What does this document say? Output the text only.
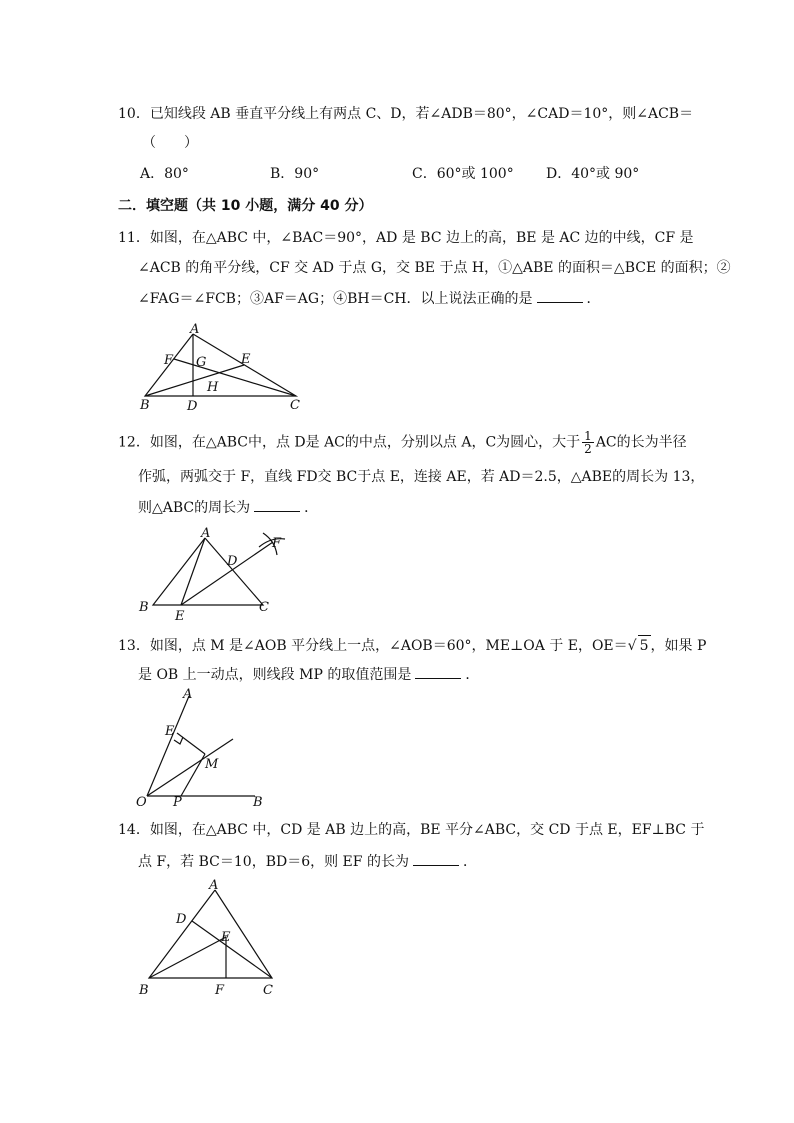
10．已知线段 AB 垂直平分线上有两点 C、D，若∠ADB＝80°，∠CAD＝10°，则∠ACB＝
（　　）
A．80°	B．90°	C．60°或 100° D．40°或 90°
二．填空题（共 10 小题，满分 40 分）
11．如图，在△ABC 中，∠BAC＝90°，AD 是 BC 边上的高，BE 是 AC 边的中线，CF 是
∠ACB 的角平分线，CF 交 AD 于点 G，交 BE 于点 H，①△ABE 的面积＝△BCE 的面积；②
∠FAG＝∠FCB；③AF＝AG；④BH＝CH．以上说法正确的是	．
A
B	C
D
E
F G
H
12．如图，在△ABC中，点 D是 AC的中点，分别以点 A，C为圆心，大于 $\frac{1}{2}$ AC的长为半径
作弧，两弧交于 F，直线 FD交 BC于点 E，连接 AE，若 AD＝2.5，△ABE的周长为 13，
则△ABC的周长为	．
A
B	C
D
E
F
13．如图，点 M 是∠AOB 平分线上一点，∠AOB＝60°，ME⊥OA 于 E，OE＝√ 5 ，如果 P
是 OB 上一动点，则线段 MP 的取值范围是	．
A
E
M
O P	B
14．如图，在△ABC 中，CD 是 AB 边上的高，BE 平分∠ABC，交 CD 于点 E，EF⊥BC 于
点 F，若 BC＝10，BD＝6，则 EF 的长为	．
A
D
E
B	F	C
